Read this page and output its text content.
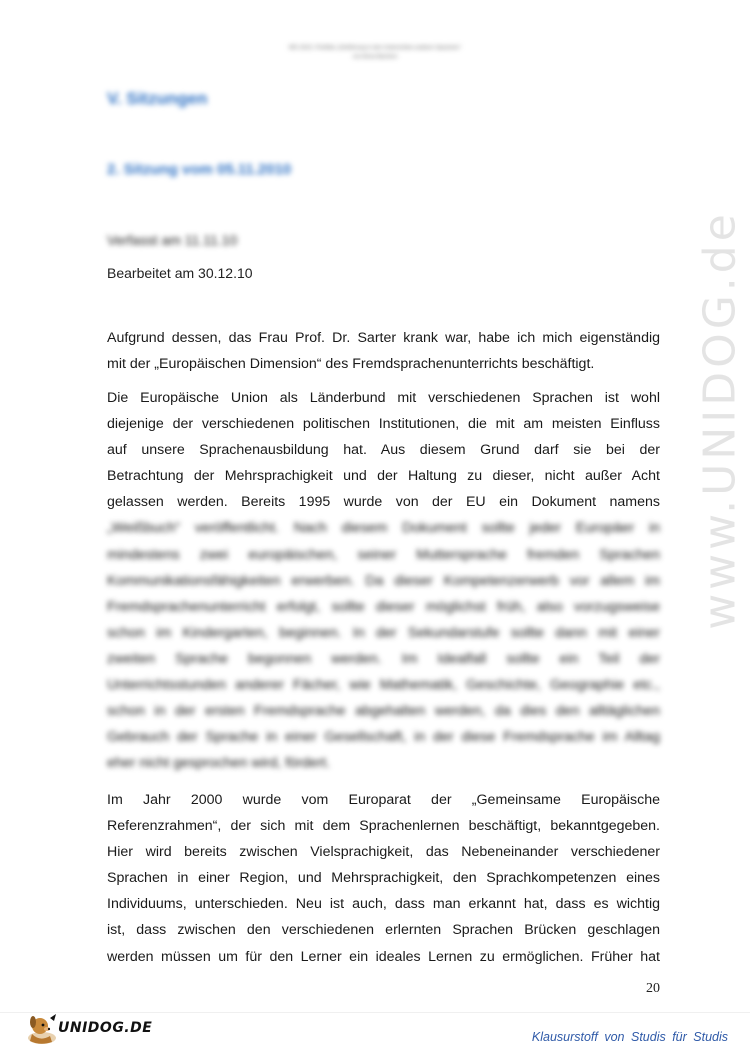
www.UNIDOG.de
WS 10/11: Portfolio „Einführung in den Unterrichten anderer Sprachen“
von Anna Bachem
V. Sitzungen
2. Sitzung vom 05.11.2010
Verfasst am 11.11.10
Bearbeitet am 30.12.10
Aufgrund dessen, das Frau Prof. Dr. Sarter krank war, habe ich mich eigenständig
mit der „Europäischen Dimension“ des Fremdsprachenunterrichts beschäftigt.
Die Europäische Union als Länderbund mit verschiedenen Sprachen ist wohl
diejenige der verschiedenen politischen Institutionen, die mit am meisten Einfluss
auf unsere Sprachenausbildung hat. Aus diesem Grund darf sie bei der
Betrachtung der Mehrsprachigkeit und der Haltung zu dieser, nicht außer Acht
gelassen werden. Bereits 1995 wurde von der EU ein Dokument namens
„Weißbuch“ veröffentlicht. Nach diesem Dokument sollte jeder Europäer in
mindestens zwei europäischen, seiner Muttersprache fremden Sprachen
Kommunikationsfähigkeiten erwerben. Da dieser Kompetenzerwerb vor allem im
Fremdsprachenunterricht erfolgt, sollte dieser möglichst früh, also vorzugsweise
schon im Kindergarten, beginnen. In der Sekundarstufe sollte dann mit einer
zweiten Sprache begonnen werden. Im Idealfall sollte ein Teil der
Unterrichtsstunden anderer Fächer, wie Mathematik, Geschichte, Geographie etc.,
schon in der ersten Fremdsprache abgehalten werden, da dies den alltäglichen
Gebrauch der Sprache in einer Gesellschaft, in der diese Fremdsprache im Alltag
eher nicht gesprochen wird, fördert.
Im Jahr 2000 wurde vom Europarat der „Gemeinsame Europäische
Referenzrahmen“, der sich mit dem Sprachenlernen beschäftigt, bekanntgegeben.
Hier wird bereits zwischen Vielsprachigkeit, das Nebeneinander verschiedener
Sprachen in einer Region, und Mehrsprachigkeit, den Sprachkompetenzen eines
Individuums, unterschieden. Neu ist auch, dass man erkannt hat, dass es wichtig
ist, dass zwischen den verschiedenen erlernten Sprachen Brücken geschlagen
werden müssen um für den Lerner ein ideales Lernen zu ermöglichen. Früher hat
20
UNIDOG.DE
Klausurstoff von Studis für Studis
